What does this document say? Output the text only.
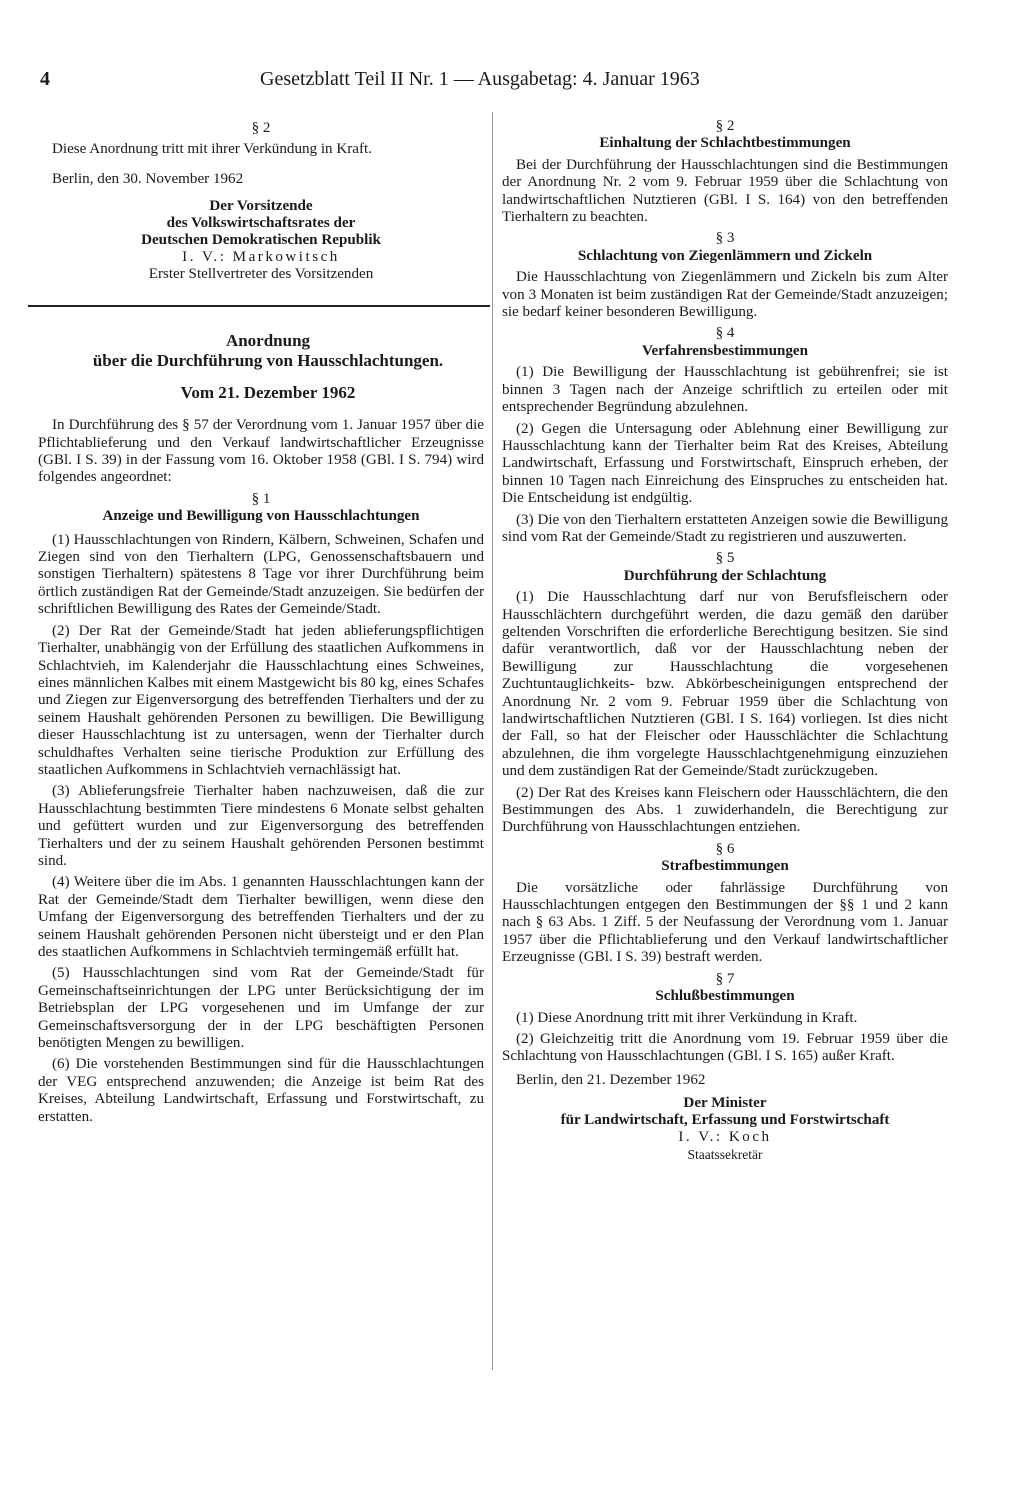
4	Gesetzblatt Teil II Nr. 1 — Ausgabetag: 4. Januar 1963

§ 2

Diese Anordnung tritt mit ihrer Verkündung in Kraft.

Berlin, den 30. November 1962

Der Vorsitzende

des Volkswirtschaftsrates der

Deutschen Demokratischen Republik

I. V.: Markowitsch

Erster Stellvertreter des Vorsitzenden

Anordnung

über die Durchführung von Hausschlachtungen.

Vom 21. Dezember 1962

In Durchführung des § 57 der Verordnung vom 1. Januar 1957 über die Pflichtablieferung und den Verkauf landwirtschaftlicher Erzeugnisse (GBl. I S. 39) in der Fassung vom 16. Oktober 1958 (GBl. I S. 794) wird folgendes angeordnet:

§ 1

Anzeige und Bewilligung von Hausschlachtungen

(1) Hausschlachtungen von Rindern, Kälbern, Schweinen, Schafen und Ziegen sind von den Tierhaltern (LPG, Genossenschaftsbauern und sonstigen Tierhaltern) spätestens 8 Tage vor ihrer Durchführung beim örtlich zuständigen Rat der Gemeinde/Stadt anzuzeigen. Sie bedürfen der schriftlichen Bewilligung des Rates der Gemeinde/Stadt.

(2) Der Rat der Gemeinde/Stadt hat jeden ablieferungspflichtigen Tierhalter, unabhängig von der Erfüllung des staatlichen Aufkommens in Schlachtvieh, im Kalenderjahr die Hausschlachtung eines Schweines, eines männlichen Kalbes mit einem Mastgewicht bis 80 kg, eines Schafes und Ziegen zur Eigenversorgung des betreffenden Tierhalters und der zu seinem Haushalt gehörenden Personen zu bewilligen. Die Bewilligung dieser Hausschlachtung ist zu untersagen, wenn der Tierhalter durch schuldhaftes Verhalten seine tierische Produktion zur Erfüllung des staatlichen Aufkommens in Schlachtvieh vernachlässigt hat.

(3) Ablieferungsfreie Tierhalter haben nachzuweisen, daß die zur Hausschlachtung bestimmten Tiere mindestens 6 Monate selbst gehalten und gefüttert wurden und zur Eigenversorgung des betreffenden Tierhalters und der zu seinem Haushalt gehörenden Personen bestimmt sind.

(4) Weitere über die im Abs. 1 genannten Hausschlachtungen kann der Rat der Gemeinde/Stadt dem Tierhalter bewilligen, wenn diese den Umfang der Eigenversorgung des betreffenden Tierhalters und der zu seinem Haushalt gehörenden Personen nicht übersteigt und er den Plan des staatlichen Aufkommens in Schlachtvieh termingemäß erfüllt hat.

(5) Hausschlachtungen sind vom Rat der Gemeinde/Stadt für Gemeinschaftseinrichtungen der LPG unter Berücksichtigung der im Betriebsplan der LPG vorgesehenen und im Umfange der zur Gemeinschaftsversorgung der in der LPG beschäftigten Personen benötigten Mengen zu bewilligen.

(6) Die vorstehenden Bestimmungen sind für die Hausschlachtungen der VEG entsprechend anzuwenden; die Anzeige ist beim Rat des Kreises, Abteilung Landwirtschaft, Erfassung und Forstwirtschaft, zu erstatten.

§ 2

Einhaltung der Schlachtbestimmungen

Bei der Durchführung der Hausschlachtungen sind die Bestimmungen der Anordnung Nr. 2 vom 9. Februar 1959 über die Schlachtung von landwirtschaftlichen Nutztieren (GBl. I S. 164) von den betreffenden Tierhaltern zu beachten.

§ 3

Schlachtung von Ziegenlämmern und Zickeln

Die Hausschlachtung von Ziegenlämmern und Zickeln bis zum Alter von 3 Monaten ist beim zuständigen Rat der Gemeinde/Stadt anzuzeigen; sie bedarf keiner besonderen Bewilligung.

§ 4

Verfahrensbestimmungen

(1) Die Bewilligung der Hausschlachtung ist gebührenfrei; sie ist binnen 3 Tagen nach der Anzeige schriftlich zu erteilen oder mit entsprechender Begründung abzulehnen.

(2) Gegen die Untersagung oder Ablehnung einer Bewilligung zur Hausschlachtung kann der Tierhalter beim Rat des Kreises, Abteilung Landwirtschaft, Erfassung und Forstwirtschaft, Einspruch erheben, der binnen 10 Tagen nach Einreichung des Einspruches zu entscheiden hat. Die Entscheidung ist endgültig.

(3) Die von den Tierhaltern erstatteten Anzeigen sowie die Bewilligung sind vom Rat der Gemeinde/Stadt zu registrieren und auszuwerten.

§ 5

Durchführung der Schlachtung

(1) Die Hausschlachtung darf nur von Berufsfleischern oder Hausschlächtern durchgeführt werden, die dazu gemäß den darüber geltenden Vorschriften die erforderliche Berechtigung besitzen. Sie sind dafür verantwortlich, daß vor der Hausschlachtung neben der Bewilligung zur Hausschlachtung die vorgesehenen Zuchtuntauglichkeits- bzw. Abkörbescheinigungen entsprechend der Anordnung Nr. 2 vom 9. Februar 1959 über die Schlachtung von landwirtschaftlichen Nutztieren (GBl. I S. 164) vorliegen. Ist dies nicht der Fall, so hat der Fleischer oder Hausschlächter die Schlachtung abzulehnen, die ihm vorgelegte Hausschlachtgenehmigung einzuziehen und dem zuständigen Rat der Gemeinde/Stadt zurückzugeben.

(2) Der Rat des Kreises kann Fleischern oder Hausschlächtern, die den Bestimmungen des Abs. 1 zuwiderhandeln, die Berechtigung zur Durchführung von Hausschlachtungen entziehen.

§ 6

Strafbestimmungen

Die vorsätzliche oder fahrlässige Durchführung von Hausschlachtungen entgegen den Bestimmungen der §§ 1 und 2 kann nach § 63 Abs. 1 Ziff. 5 der Neufassung der Verordnung vom 1. Januar 1957 über die Pflichtablieferung und den Verkauf landwirtschaftlicher Erzeugnisse (GBl. I S. 39) bestraft werden.

§ 7

Schlußbestimmungen

(1) Diese Anordnung tritt mit ihrer Verkündung in Kraft.

(2) Gleichzeitig tritt die Anordnung vom 19. Februar 1959 über die Schlachtung von Hausschlachtungen (GBl. I S. 165) außer Kraft.

Berlin, den 21. Dezember 1962

Der Minister

für Landwirtschaft, Erfassung und Forstwirtschaft

I. V.: Koch

Staatssekretär
